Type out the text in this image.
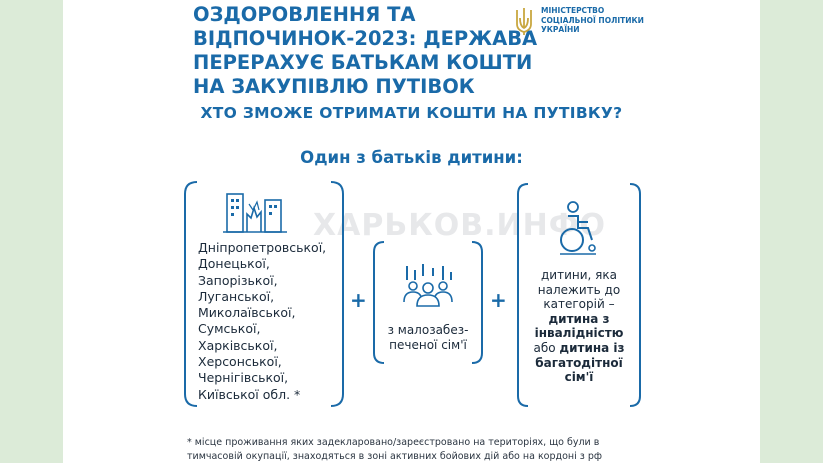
ОЗДОРОВЛЕННЯ ТА
ВІДПОЧИНОК-2023: ДЕРЖАВА
ПЕРЕРАХУЄ БАТЬКАМ КОШТИ
НА ЗАКУПІВЛЮ ПУТІВОК
МІНІСТЕРСТВО
СОЦІАЛЬНОЇ ПОЛІТИКИ
УКРАЇНИ
ХТО ЗМОЖЕ ОТРИМАТИ КОШТИ НА ПУТІВКУ?
Один з батьків дитини:
ХАРЬКОВ.ИНФО
Дніпропетровської,
Донецької,
Запорізької,
Луганської,
Миколаївської,
Сумської,
Харківської,
Херсонської,
Чернігівської,
Київської обл. *
+
з малозабез-
печеної сім'ї
+
дитини, яка
належить до
категорій –
дитина з
інвалідністю
або дитина із
багатодітної
сім'ї
* місце проживання яких задекларовано/зареєстровано на територіях, що були в
тимчасовій окупації, знаходяться в зоні активних бойових дій або на кордоні з рф
